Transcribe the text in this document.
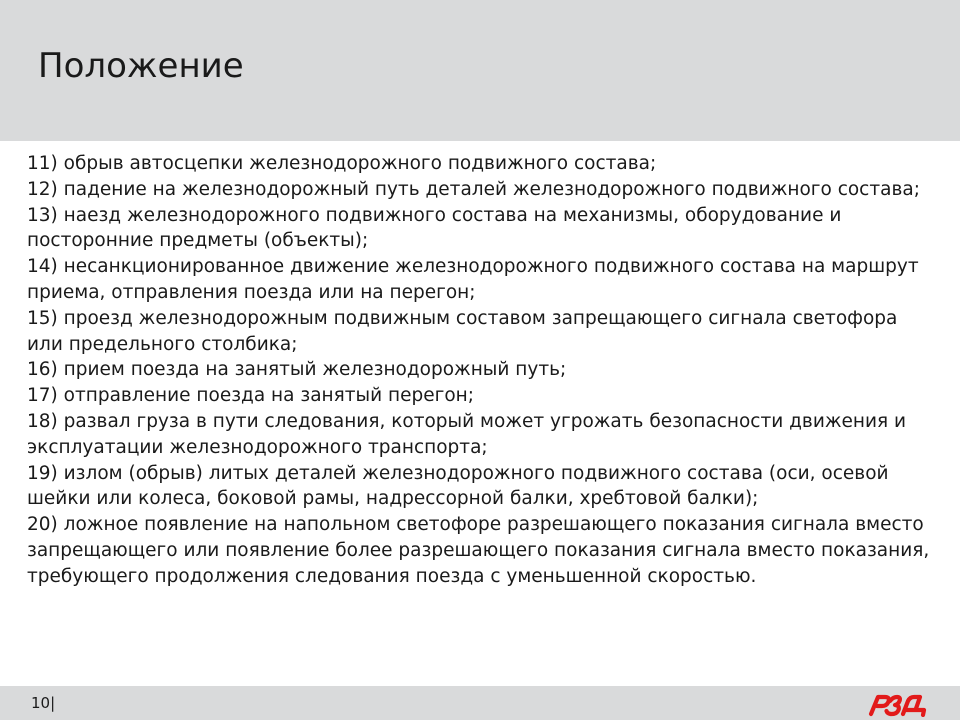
Положение
11) обрыв автосцепки железнодорожного подвижного состава;
12) падение на железнодорожный путь деталей железнодорожного подвижного состава;
13) наезд железнодорожного подвижного состава на механизмы, оборудование и посторонние предметы (объекты);
14) несанкционированное движение железнодорожного подвижного состава на маршрут приема, отправления поезда или на перегон;
15) проезд железнодорожным подвижным составом запрещающего сигнала светофора или предельного столбика;
16) прием поезда на занятый железнодорожный путь;
17) отправление поезда на занятый перегон;
18) развал груза в пути следования, который может угрожать безопасности движения и эксплуатации железнодорожного транспорта;
19) излом (обрыв) литых деталей железнодорожного подвижного состава (оси, осевой шейки или колеса, боковой рамы, надрессорной балки, хребтовой балки);
20) ложное появление на напольном светофоре разрешающего показания сигнала вместо запрещающего или появление более разрешающего показания сигнала вместо показания, требующего продолжения следования поезда с уменьшенной скоростью.
10|
